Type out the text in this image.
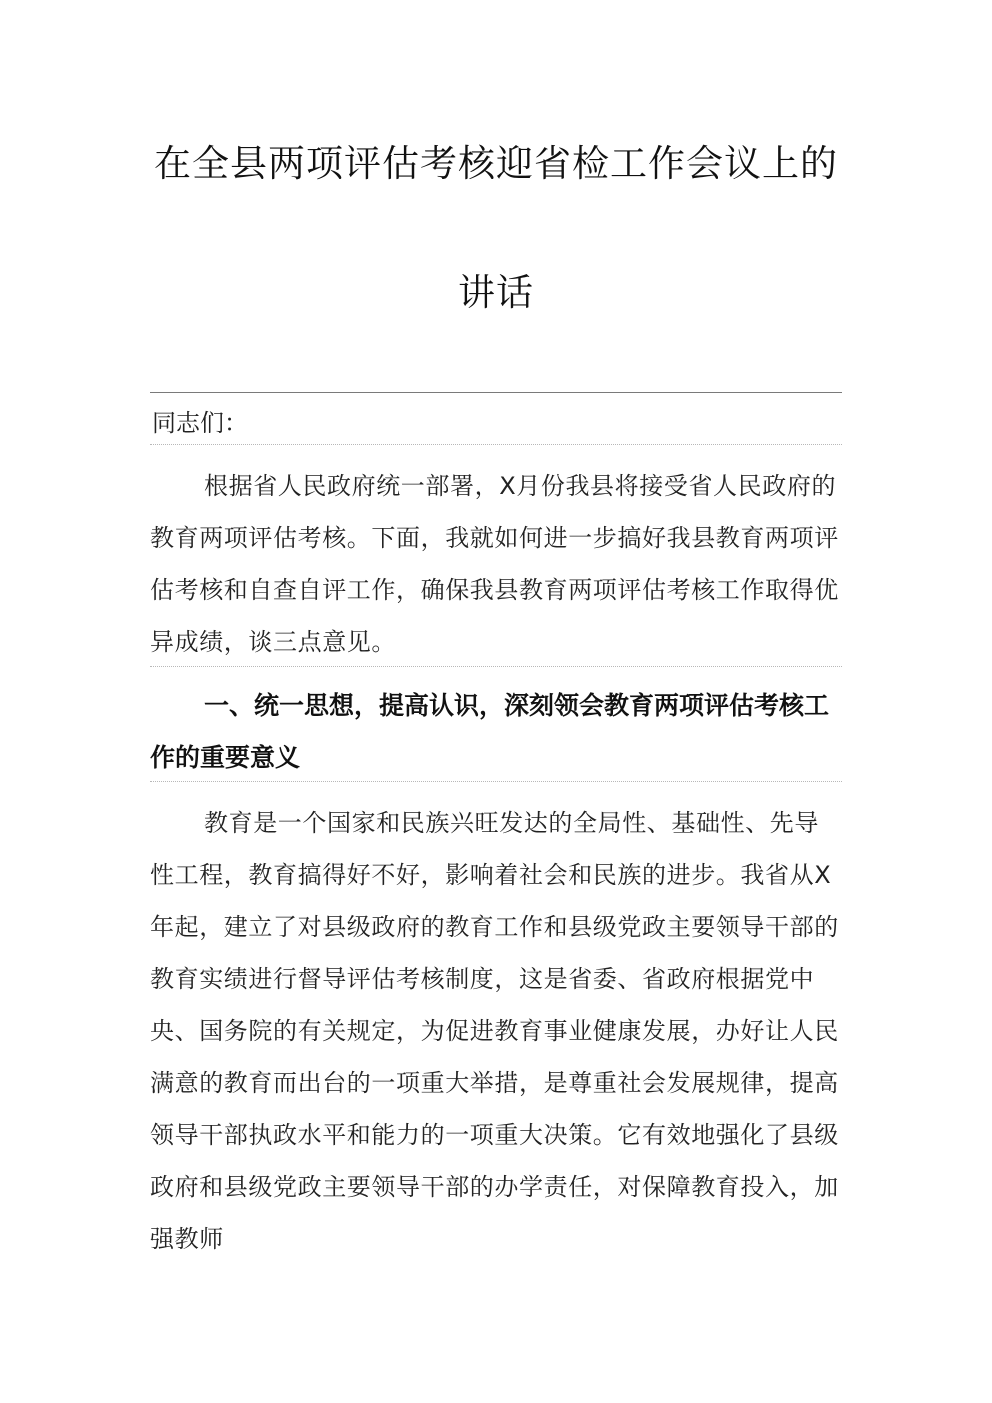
在全县两项评估考核迎省检工作会议上的
讲话
同志们：
根据省人民政府统一部署，X月份我县将接受省人民政府的教育两项评估考核。下面，我就如何进一步搞好我县教育两项评估考核和自查自评工作，确保我县教育两项评估考核工作取得优异成绩，谈三点意见。
一、统一思想，提高认识，深刻领会教育两项评估考核工作的重要意义
教育是一个国家和民族兴旺发达的全局性、基础性、先导性工程，教育搞得好不好，影响着社会和民族的进步。我省从X年起，建立了对县级政府的教育工作和县级党政主要领导干部的教育实绩进行督导评估考核制度，这是省委、省政府根据党中央、国务院的有关规定，为促进教育事业健康发展，办好让人民满意的教育而出台的一项重大举措，是尊重社会发展规律，提高领导干部执政水平和能力的一项重大决策。它有效地强化了县级政府和县级党政主要领导干部的办学责任，对保障教育投入，加强教师
